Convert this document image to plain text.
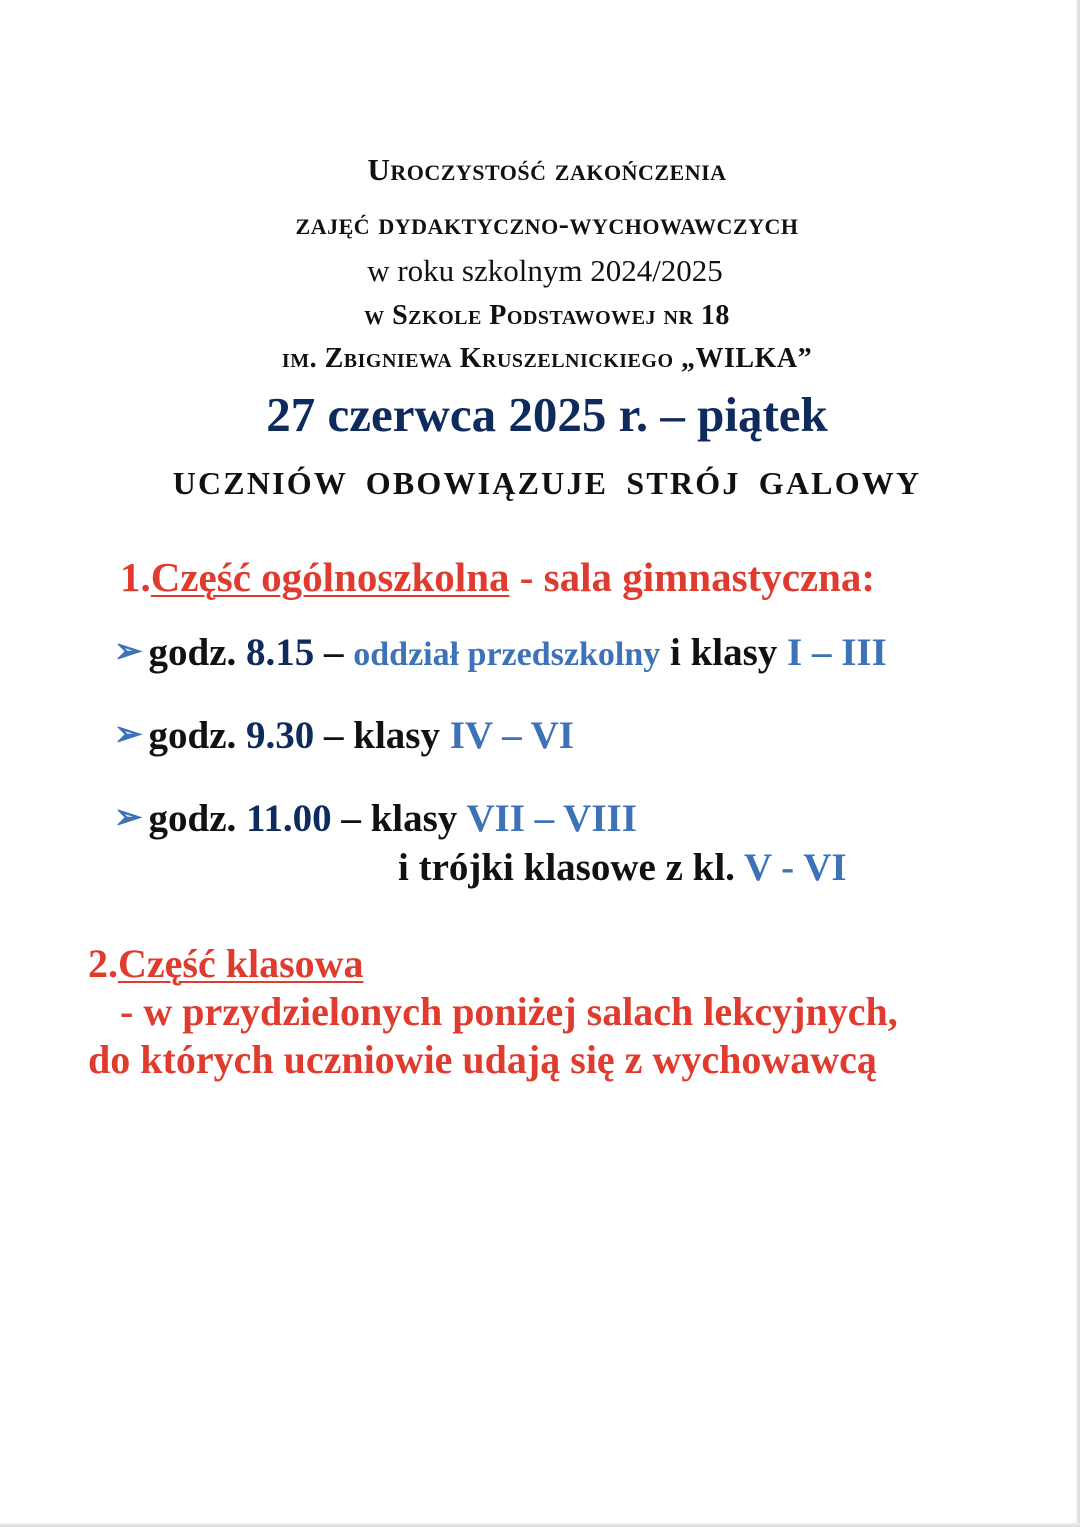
Uroczystość zakończenia
zajęć dydaktyczno-wychowawczych
w roku szkolnym 2024/2025
w Szkole Podstawowej nr 18
im. Zbigniewa Kruszelnickiego „WILKA”
27 czerwca 2025 r. – piątek
UCZNIÓW OBOWIĄZUJE STRÓJ GALOWY
1.Część ogólnoszkolna - sala gimnastyczna:
➢ godz. 8.15 – oddział przedszkolny i klasy I – III
➢ godz. 9.30 – klasy IV – VI
➢ godz. 11.00 – klasy VII – VIII
i trójki klasowe z kl. V - VI
2.Część klasowa
- w przydzielonych poniżej salach lekcyjnych,
do których uczniowie udają się z wychowawcą
